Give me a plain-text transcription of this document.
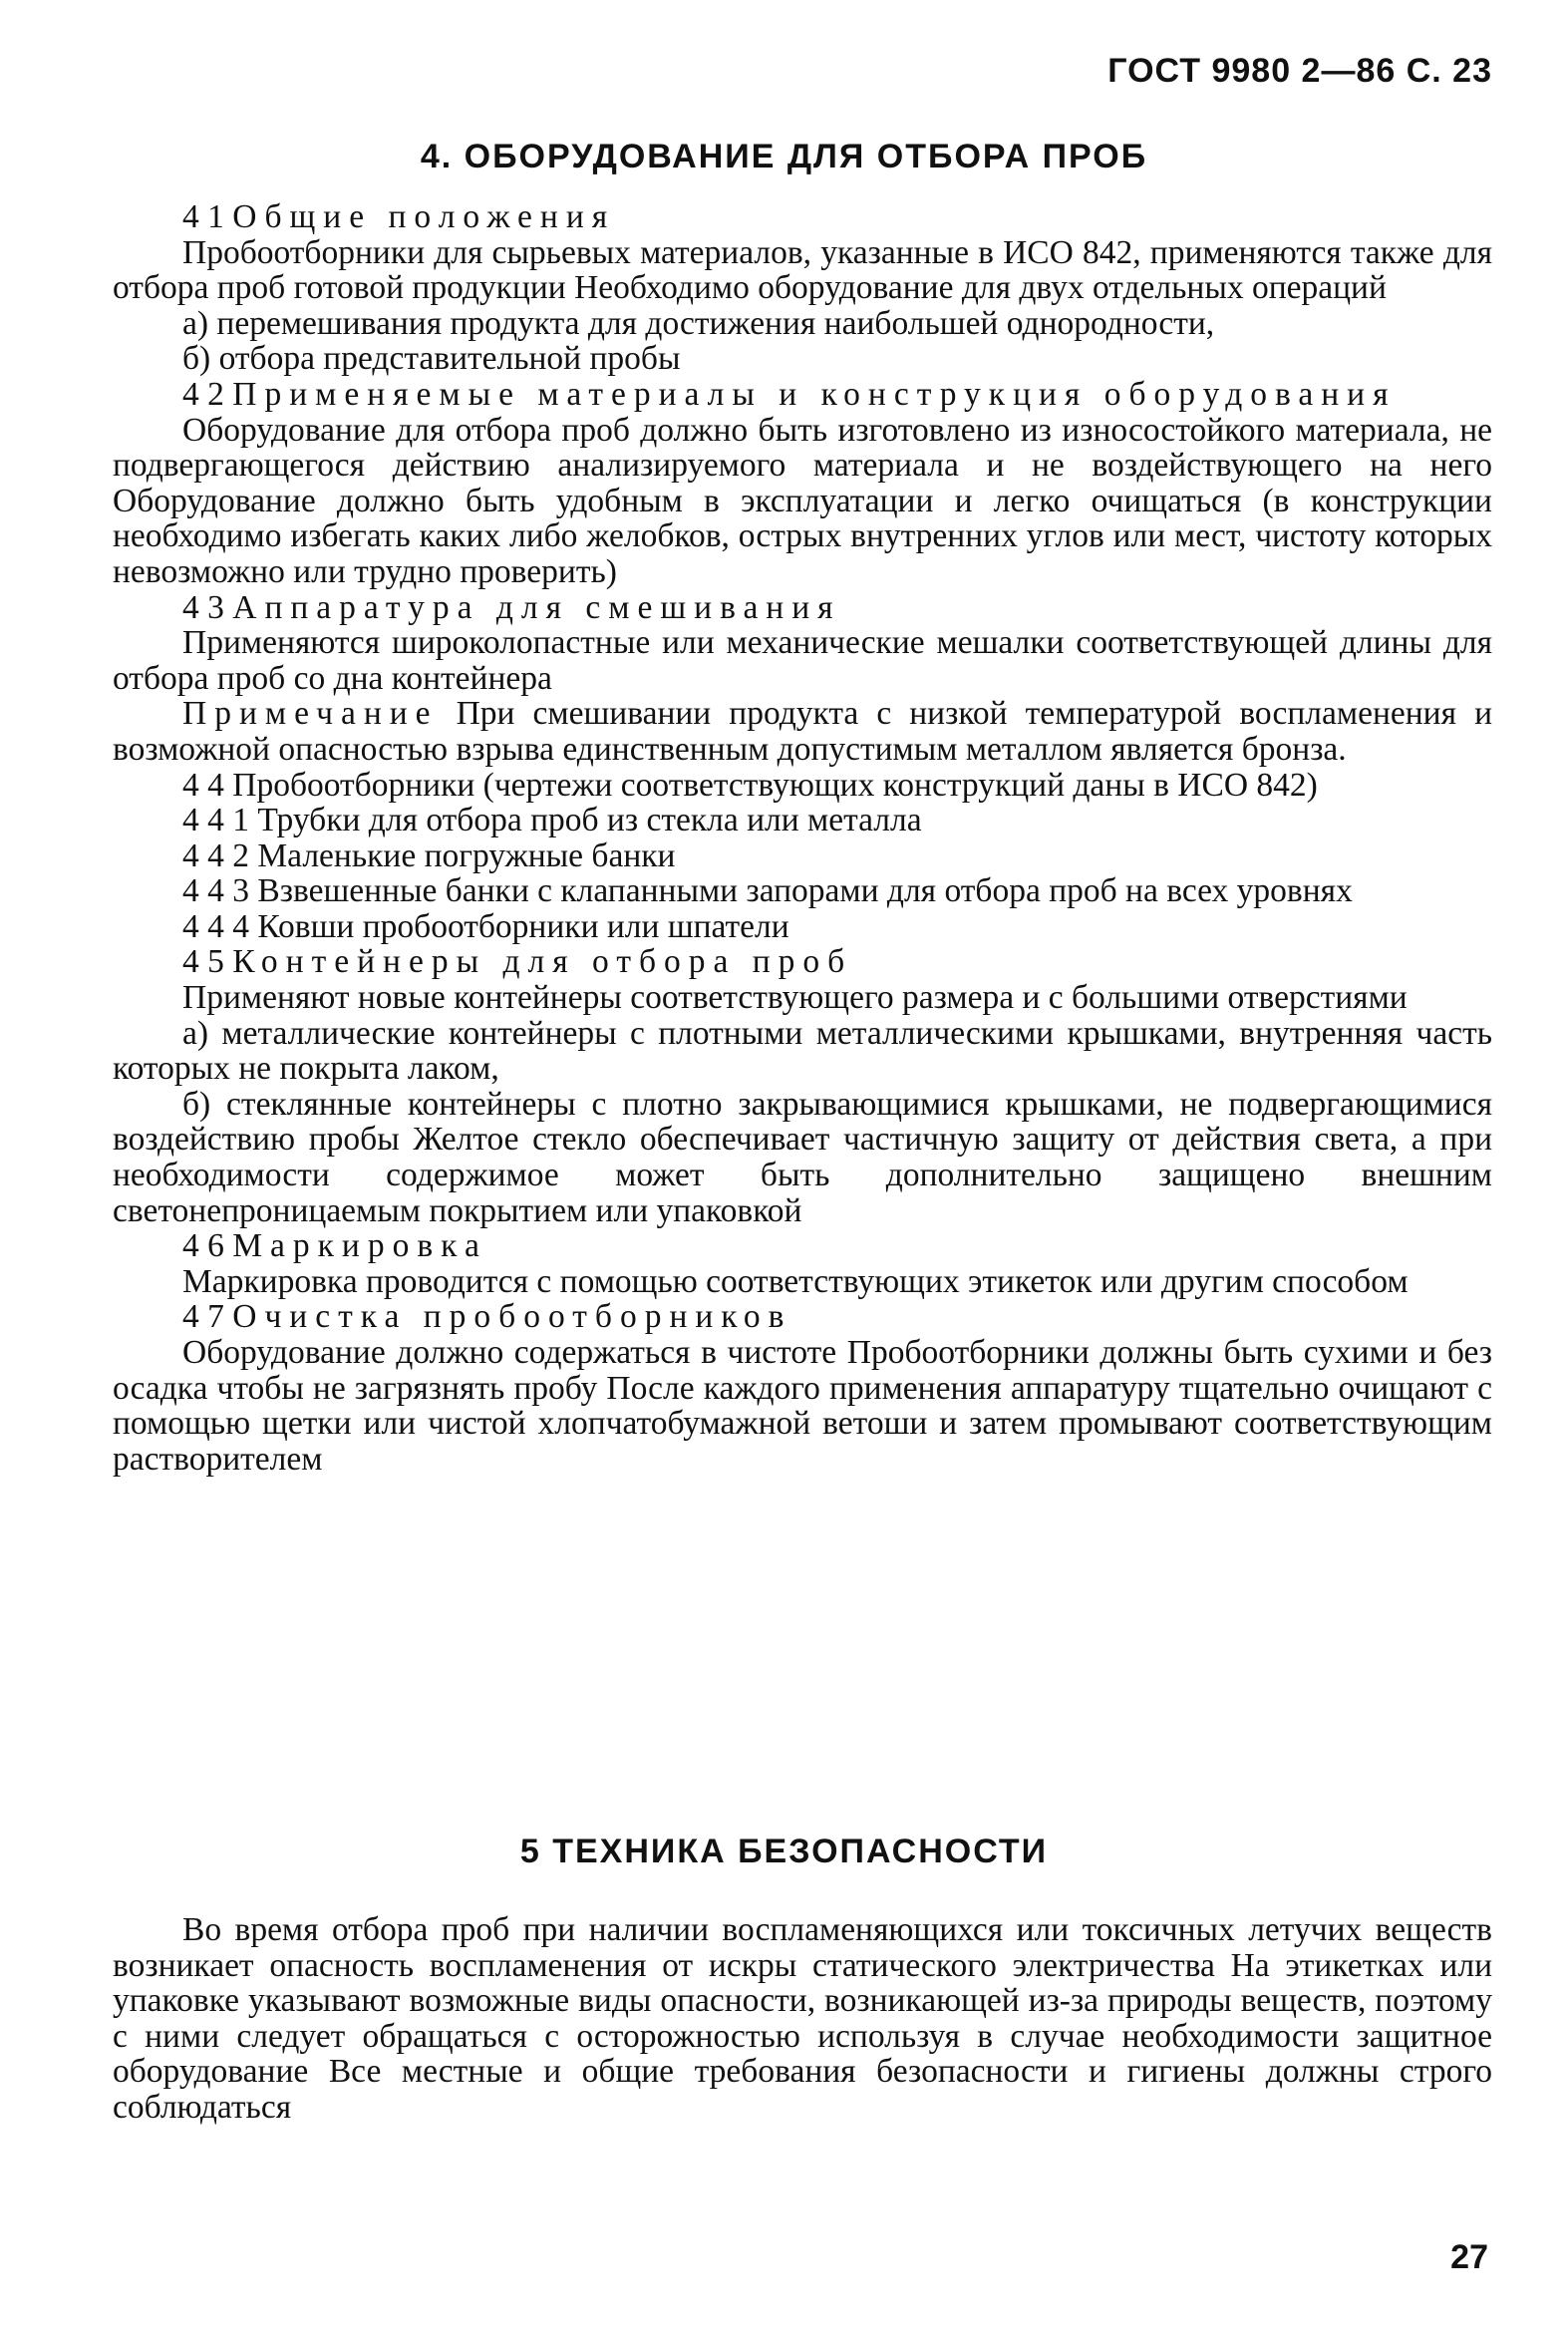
ГОСТ 9980 2—86 С. 23
4. ОБОРУДОВАНИЕ ДЛЯ ОТБОРА ПРОБ

4 1 Общие положения

Пробоотборники для сырьевых материалов, указанные в ИСО 842, применяются также для отбора проб готовой продукции Необходимо оборудование для двух отдельных операций

а) перемешивания продукта для достижения наибольшей однородности,

б) отбора представительной пробы

4 2 Применяемые материалы и конструкция оборудования

Оборудование для отбора проб должно быть изготовлено из износостойкого материала, не подвергающегося действию анализируемого материала и не воздействующего на него Оборудование должно быть удобным в эксплуатации и легко очищаться (в конструкции необходимо избегать каких либо желобков, острых внутренних углов или мест, чистоту которых невозможно или трудно проверить)

4 3 Аппаратура для смешивания

Применяются широколопастные или механические мешалки соответствующей длины для отбора проб со дна контейнера

Примечание При смешивании продукта с низкой температурой воспламенения и возможной опасностью взрыва единственным допустимым металлом является бронза.

4 4 Пробоотборники (чертежи соответствующих конструкций даны в ИСО 842)

4 4 1 Трубки для отбора проб из стекла или металла

4 4 2 Маленькие погружные банки

4 4 3 Взвешенные банки с клапанными запорами для отбора проб на всех уровнях

4 4 4 Ковши пробоотборники или шпатели

4 5 Контейнеры для отбора проб

Применяют новые контейнеры соответствующего размера и с большими отверстиями

а) металлические контейнеры с плотными металлическими крышками, внутренняя часть которых не покрыта лаком,

б) стеклянные контейнеры с плотно закрывающимися крышками, не подвергающимися воздействию пробы Желтое стекло обеспечивает частичную защиту от действия света, а при необходимости содержимое может быть дополнительно защищено внешним светонепроницаемым покрытием или упаковкой

4 6 Маркировка

Маркировка проводится с помощью соответствующих этикеток или другим способом

4 7 Очистка пробоотборников

Оборудование должно содержаться в чистоте Пробоотборники должны быть сухими и без осадка чтобы не загрязнять пробу После каждого применения аппаратуру тщательно очищают с помощью щетки или чистой хлопчатобумажной ветоши и затем промывают соответствующим растворителем

5 ТЕХНИКА БЕЗОПАСНОСТИ

Во время отбора проб при наличии воспламеняющихся или токсичных летучих веществ возникает опасность воспламенения от искры статического электричества На этикетках или упаковке указывают возможные виды опасности, возникающей из-за природы веществ, поэтому с ними следует обращаться с осторожностью используя в случае необходимости защитное оборудование Все местные и общие требования безопасности и гигиены должны строго соблюдаться

27
